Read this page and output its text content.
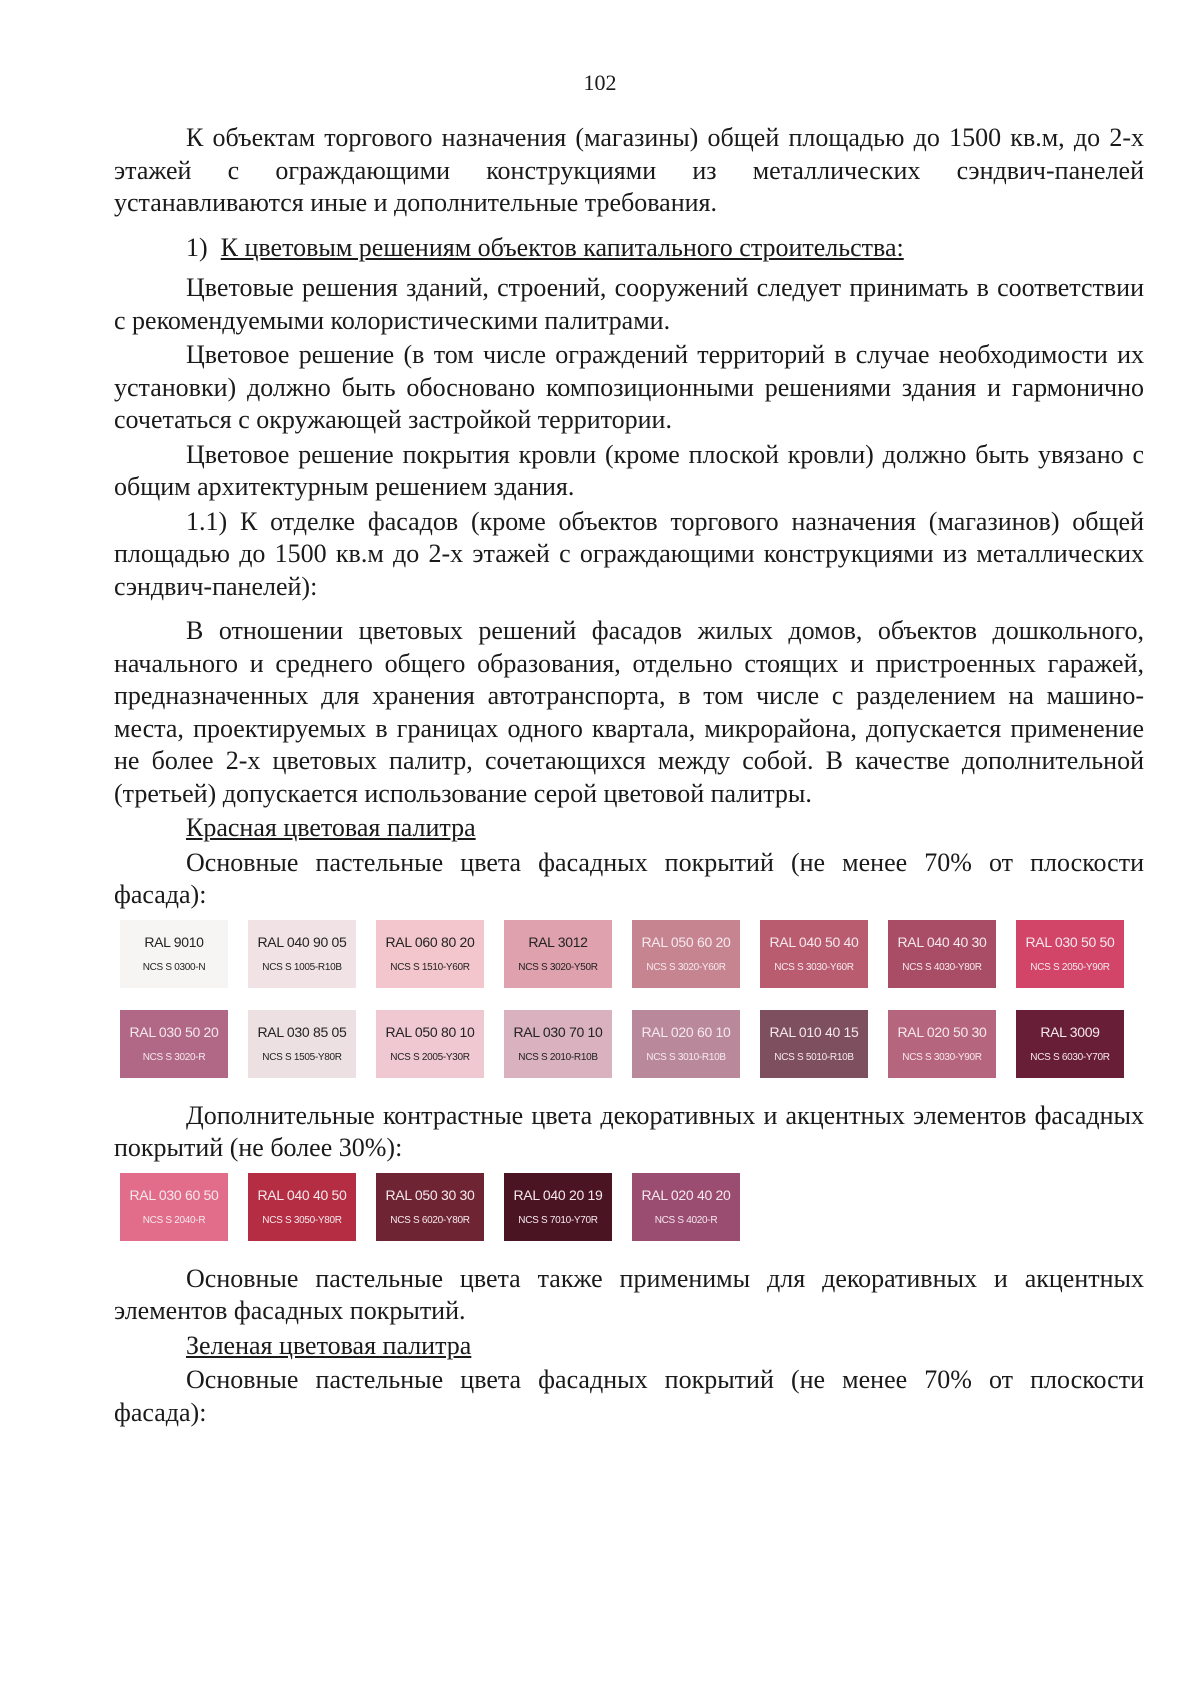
102

К объектам торгового назначения (магазины) общей площадью до 1500 кв.м, до 2-х этажей с ограждающими конструкциями из металлических сэндвич-панелей устанавливаются иные и дополнительные требования.

1) К цветовым решениям объектов капитального строительства:

Цветовые решения зданий, строений, сооружений следует принимать в соответствии с рекомендуемыми колористическими палитрами.

Цветовое решение (в том числе ограждений территорий в случае необходимости их установки) должно быть обосновано композиционными решениями здания и гармонично сочетаться с окружающей застройкой территории.

Цветовое решение покрытия кровли (кроме плоской кровли) должно быть увязано с общим архитектурным решением здания.

1.1) К отделке фасадов (кроме объектов торгового назначения (магазинов) общей площадью до 1500 кв.м до 2-х этажей с ограждающими конструкциями из металлических сэндвич-панелей):

В отношении цветовых решений фасадов жилых домов, объектов дошкольного, начального и среднего общего образования, отдельно стоящих и пристроенных гаражей, предназначенных для хранения автотранспорта, в том числе с разделением на машино-места, проектируемых в границах одного квартала, микрорайона, допускается применение не более 2-х цветовых палитр, сочетающихся между собой. В качестве дополнительной (третьей) допускается использование серой цветовой палитры.

Красная цветовая палитра

Основные пастельные цвета фасадных покрытий (не менее 70% от плоскости фасада):

RAL 9010
NCS S 0300-N
RAL 040 90 05
NCS S 1005-R10B
RAL 060 80 20
NCS S 1510-Y60R
RAL 3012
NCS S 3020-Y50R
RAL 050 60 20
NCS S 3020-Y60R
RAL 040 50 40
NCS S 3030-Y60R
RAL 040 40 30
NCS S 4030-Y80R
RAL 030 50 50
NCS S 2050-Y90R
RAL 030 50 20
NCS S 3020-R
RAL 030 85 05
NCS S 1505-Y80R
RAL 050 80 10
NCS S 2005-Y30R
RAL 030 70 10
NCS S 2010-R10B
RAL 020 60 10
NCS S 3010-R10B
RAL 010 40 15
NCS S 5010-R10B
RAL 020 50 30
NCS S 3030-Y90R
RAL 3009
NCS S 6030-Y70R

Дополнительные контрастные цвета декоративных и акцентных элементов фасадных покрытий (не более 30%):

RAL 030 60 50
NCS S 2040-R
RAL 040 40 50
NCS S 3050-Y80R
RAL 050 30 30
NCS S 6020-Y80R
RAL 040 20 19
NCS S 7010-Y70R
RAL 020 40 20
NCS S 4020-R

Основные пастельные цвета также применимы для декоративных и акцентных элементов фасадных покрытий.

Зеленая цветовая палитра

Основные пастельные цвета фасадных покрытий (не менее 70% от плоскости фасада):
